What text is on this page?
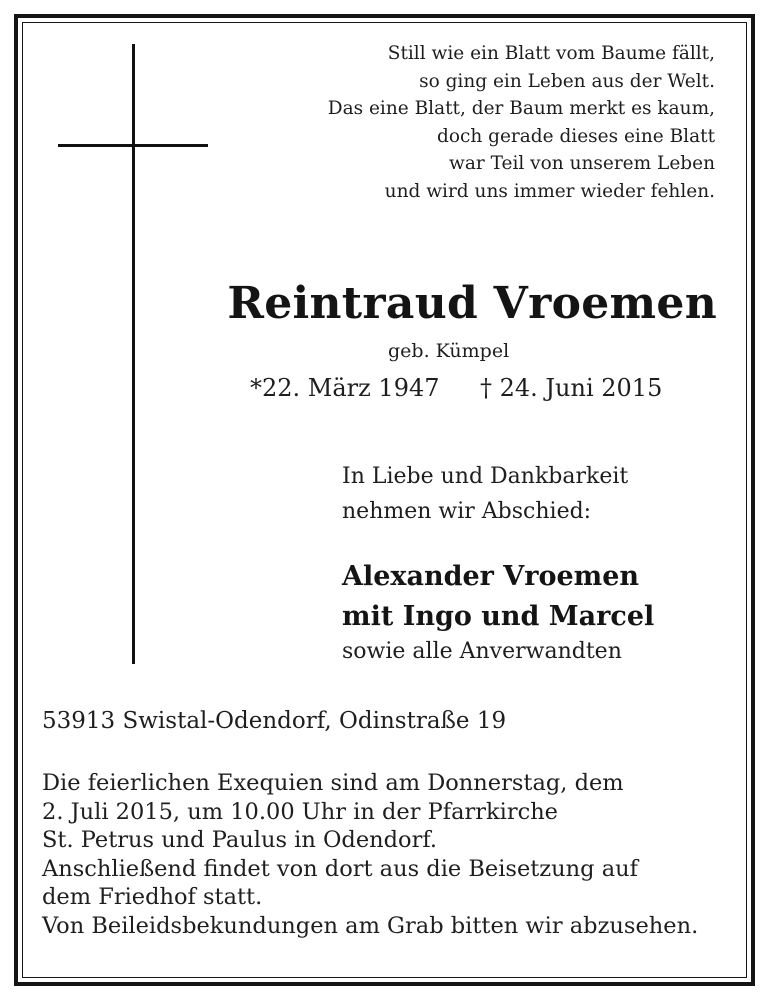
Still wie ein Blatt vom Baume fällt,
so ging ein Leben aus der Welt.
Das eine Blatt, der Baum merkt es kaum,
doch gerade dieses eine Blatt
war Teil von unserem Leben
und wird uns immer wieder fehlen.
Reintraud Vroemen
geb. Kümpel
*22. März 1947 † 24. Juni 2015
In Liebe und Dankbarkeit
nehmen wir Abschied:
Alexander Vroemen
mit Ingo und Marcel
sowie alle Anverwandten
53913 Swistal-Odendorf, Odinstraße 19
Die feierlichen Exequien sind am Donnerstag, dem
2. Juli 2015, um 10.00 Uhr in der Pfarrkirche
St. Petrus und Paulus in Odendorf.
Anschließend findet von dort aus die Beisetzung auf
dem Friedhof statt.
Von Beileidsbekundungen am Grab bitten wir abzusehen.
